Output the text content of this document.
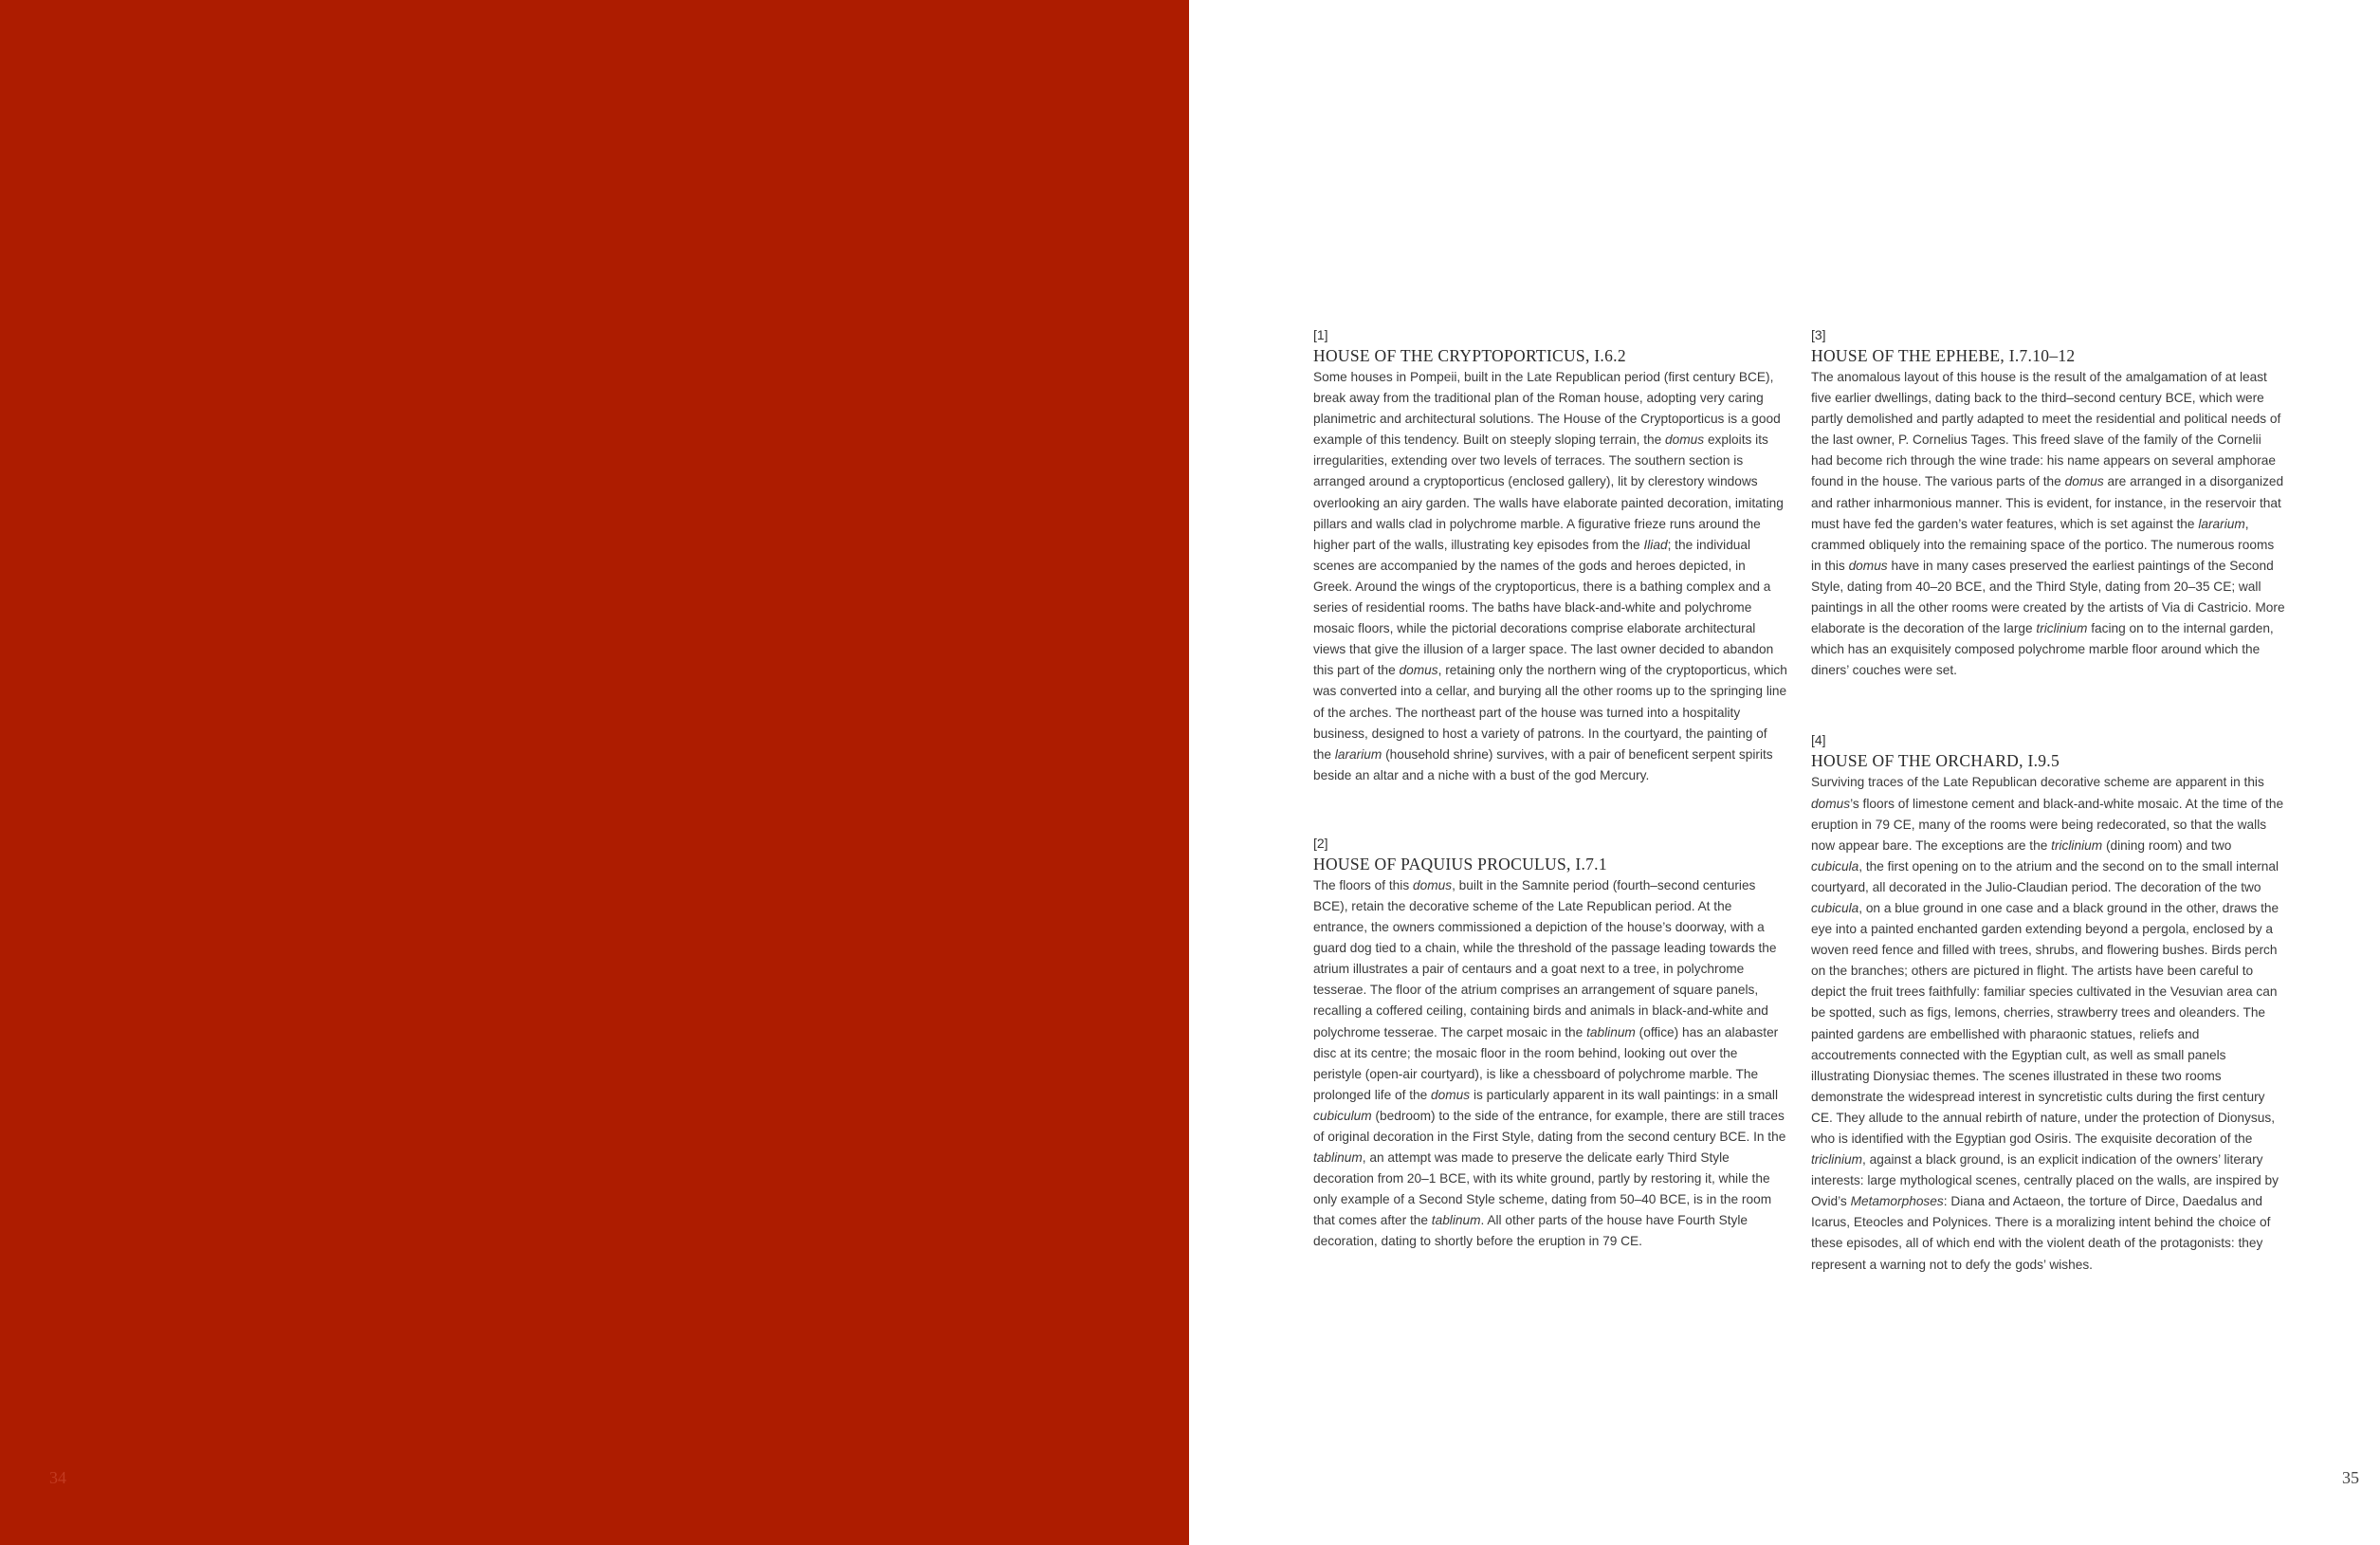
34
[1]
HOUSE OF THE CRYPTOPORTICUS, I.6.2

Some houses in Pompeii, built in the Late Republican period (first century BCE), break away from the traditional plan of the Roman house, adopting very caring planimetric and architectural solutions. The House of the Cryptoporticus is a good example of this tendency. Built on steeply sloping terrain, the domus exploits its irregularities, extending over two levels of terraces. The southern section is arranged around a cryptoporticus (enclosed gallery), lit by clerestory windows overlooking an airy garden. The walls have elaborate painted decoration, imitating pillars and walls clad in polychrome marble. A figurative frieze runs around the higher part of the walls, illustrating key episodes from the Iliad; the individual scenes are accompanied by the names of the gods and heroes depicted, in Greek. Around the wings of the cryptoporticus, there is a bathing complex and a series of residential rooms. The baths have black-and-white and polychrome mosaic floors, while the pictorial decorations comprise elaborate architectural views that give the illusion of a larger space. The last owner decided to abandon this part of the domus, retaining only the northern wing of the cryptoporticus, which was converted into a cellar, and burying all the other rooms up to the springing line of the arches. The northeast part of the house was turned into a hospitality business, designed to host a variety of patrons. In the courtyard, the painting of the lararium (household shrine) survives, with a pair of beneficent serpent spirits beside an altar and a niche with a bust of the god Mercury.

[2]
HOUSE OF PAQUIUS PROCULUS, I.7.1

The floors of this domus, built in the Samnite period (fourth–second centuries BCE), retain the decorative scheme of the Late Republican period. At the entrance, the owners commissioned a depiction of the house’s doorway, with a guard dog tied to a chain, while the threshold of the passage leading towards the atrium illustrates a pair of centaurs and a goat next to a tree, in polychrome tesserae. The floor of the atrium comprises an arrangement of square panels, recalling a coffered ceiling, containing birds and animals in black-and-white and polychrome tesserae. The carpet mosaic in the tablinum (office) has an alabaster disc at its centre; the mosaic floor in the room behind, looking out over the peristyle (open-air courtyard), is like a chessboard of polychrome marble. The prolonged life of the domus is particularly apparent in its wall paintings: in a small cubiculum (bedroom) to the side of the entrance, for example, there are still traces of original decoration in the First Style, dating from the second century BCE. In the tablinum, an attempt was made to preserve the delicate early Third Style decoration from 20–1 BCE, with its white ground, partly by restoring it, while the only example of a Second Style scheme, dating from 50–40 BCE, is in the room that comes after the tablinum. All other parts of the house have Fourth Style decoration, dating to shortly before the eruption in 79 CE.

[3]
HOUSE OF THE EPHEBE, I.7.10–12

The anomalous layout of this house is the result of the amalgamation of at least five earlier dwellings, dating back to the third–second century BCE, which were partly demolished and partly adapted to meet the residential and political needs of the last owner, P. Cornelius Tages. This freed slave of the family of the Cornelii had become rich through the wine trade: his name appears on several amphorae found in the house. The various parts of the domus are arranged in a disorganized and rather inharmonious manner. This is evident, for instance, in the reservoir that must have fed the garden’s water features, which is set against the lararium, crammed obliquely into the remaining space of the portico. The numerous rooms in this domus have in many cases preserved the earliest paintings of the Second Style, dating from 40–20 BCE, and the Third Style, dating from 20–35 CE; wall paintings in all the other rooms were created by the artists of Via di Castricio. More elaborate is the decoration of the large triclinium facing on to the internal garden, which has an exquisitely composed polychrome marble floor around which the diners’ couches were set.

[4]
HOUSE OF THE ORCHARD, I.9.5

Surviving traces of the Late Republican decorative scheme are apparent in this domus’s floors of limestone cement and black-and-white mosaic. At the time of the eruption in 79 CE, many of the rooms were being redecorated, so that the walls now appear bare. The exceptions are the triclinium (dining room) and two cubicula, the first opening on to the atrium and the second on to the small internal courtyard, all decorated in the Julio-Claudian period. The decoration of the two cubicula, on a blue ground in one case and a black ground in the other, draws the eye into a painted enchanted garden extending beyond a pergola, enclosed by a woven reed fence and filled with trees, shrubs, and flowering bushes. Birds perch on the branches; others are pictured in flight. The artists have been careful to depict the fruit trees faithfully: familiar species cultivated in the Vesuvian area can be spotted, such as figs, lemons, cherries, strawberry trees and oleanders. The painted gardens are embellished with pharaonic statues, reliefs and accoutrements connected with the Egyptian cult, as well as small panels illustrating Dionysiac themes. The scenes illustrated in these two rooms demonstrate the widespread interest in syncretistic cults during the first century CE. They allude to the annual rebirth of nature, under the protection of Dionysus, who is identified with the Egyptian god Osiris. The exquisite decoration of the triclinium, against a black ground, is an explicit indication of the owners’ literary interests: large mythological scenes, centrally placed on the walls, are inspired by Ovid’s Metamorphoses: Diana and Actaeon, the torture of Dirce, Daedalus and Icarus, Eteocles and Polynices. There is a moralizing intent behind the choice of these episodes, all of which end with the violent death of the protagonists: they represent a warning not to defy the gods’ wishes.

35
